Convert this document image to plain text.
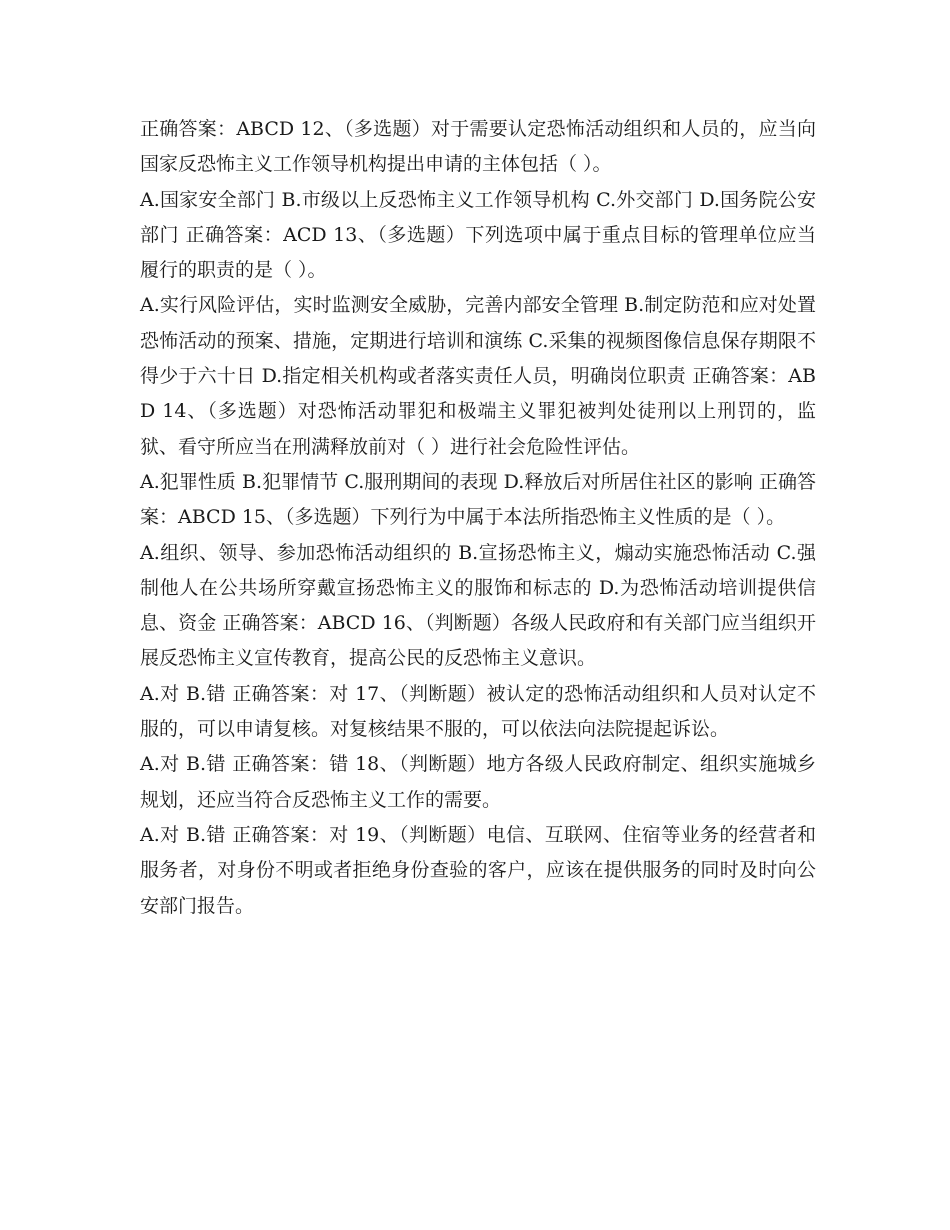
正确答案：ABCD 12、（多选题）对于需要认定恐怖活动组织和人员的，应当向国家反恐怖主义工作领导机构提出申请的主体包括（ ）。

A.国家安全部门 B.市级以上反恐怖主义工作领导机构 C.外交部门 D.国务院公安部门 正确答案：ACD 13、（多选题）下列选项中属于重点目标的管理单位应当履行的职责的是（ ）。

A.实行风险评估，实时监测安全威胁，完善内部安全管理 B.制定防范和应对处置恐怖活动的预案、措施，定期进行培训和演练 C.采集的视频图像信息保存期限不得少于六十日 D.指定相关机构或者落实责任人员，明确岗位职责 正确答案：ABD 14、（多选题）对恐怖活动罪犯和极端主义罪犯被判处徒刑以上刑罚的，监狱、看守所应当在刑满释放前对（ ）进行社会危险性评估。

A.犯罪性质 B.犯罪情节 C.服刑期间的表现 D.释放后对所居住社区的影响 正确答案：ABCD 15、（多选题）下列行为中属于本法所指恐怖主义性质的是（ ）。

A.组织、领导、参加恐怖活动组织的 B.宣扬恐怖主义，煽动实施恐怖活动 C.强制他人在公共场所穿戴宣扬恐怖主义的服饰和标志的 D.为恐怖活动培训提供信息、资金 正确答案：ABCD 16、（判断题）各级人民政府和有关部门应当组织开展反恐怖主义宣传教育，提高公民的反恐怖主义意识。

A.对 B.错 正确答案：对 17、（判断题）被认定的恐怖活动组织和人员对认定不服的，可以申请复核。对复核结果不服的，可以依法向法院提起诉讼。

A.对 B.错 正确答案：错 18、（判断题）地方各级人民政府制定、组织实施城乡规划，还应当符合反恐怖主义工作的需要。

A.对 B.错 正确答案：对 19、（判断题）电信、互联网、住宿等业务的经营者和服务者，对身份不明或者拒绝身份查验的客户，应该在提供服务的同时及时向公安部门报告。
